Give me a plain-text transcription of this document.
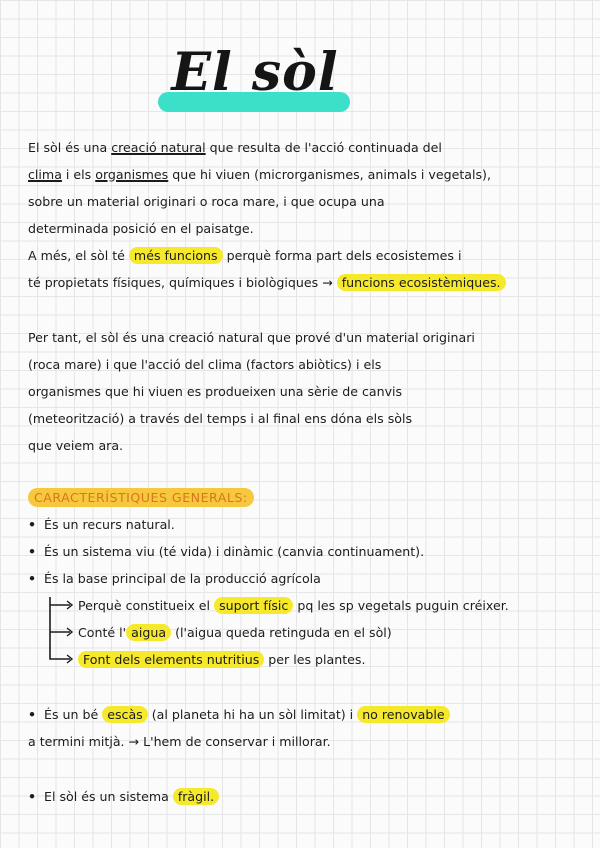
El sòl
El sòl és una creació natural que resulta de l'acció continuada del
clima i els organismes que hi viuen (microrganismes, animals i vegetals),
sobre un material originari o roca mare, i que ocupa una
determinada posició en el paisatge.
A més, el sòl té més funcions perquè forma part dels ecosistemes i
té propietats físiques, químiques i biològiques → funcions ecosistèmiques.
Per tant, el sòl és una creació natural que prové d'un material originari
(roca mare) i que l'acció del clima (factors abiòtics) i els
organismes que hi viuen es produeixen una sèrie de canvis
(meteorització) a través del temps i al final ens dóna els sòls
que veiem ara.
CARACTERÍSTIQUES GENERALS:
• És un recurs natural.
• És un sistema viu (té vida) i dinàmic (canvia continuament).
• És la base principal de la producció agrícola
Perquè constitueix el suport físic pq les sp vegetals puguin créixer.
Conté l' aigua (l'aigua queda retinguda en el sòl)
Font dels elements nutritius per les plantes.
• És un bé escàs (al planeta hi ha un sòl limitat) i no renovable
a termini mitjà. → L'hem de conservar i millorar.
• El sòl és un sistema fràgil.
